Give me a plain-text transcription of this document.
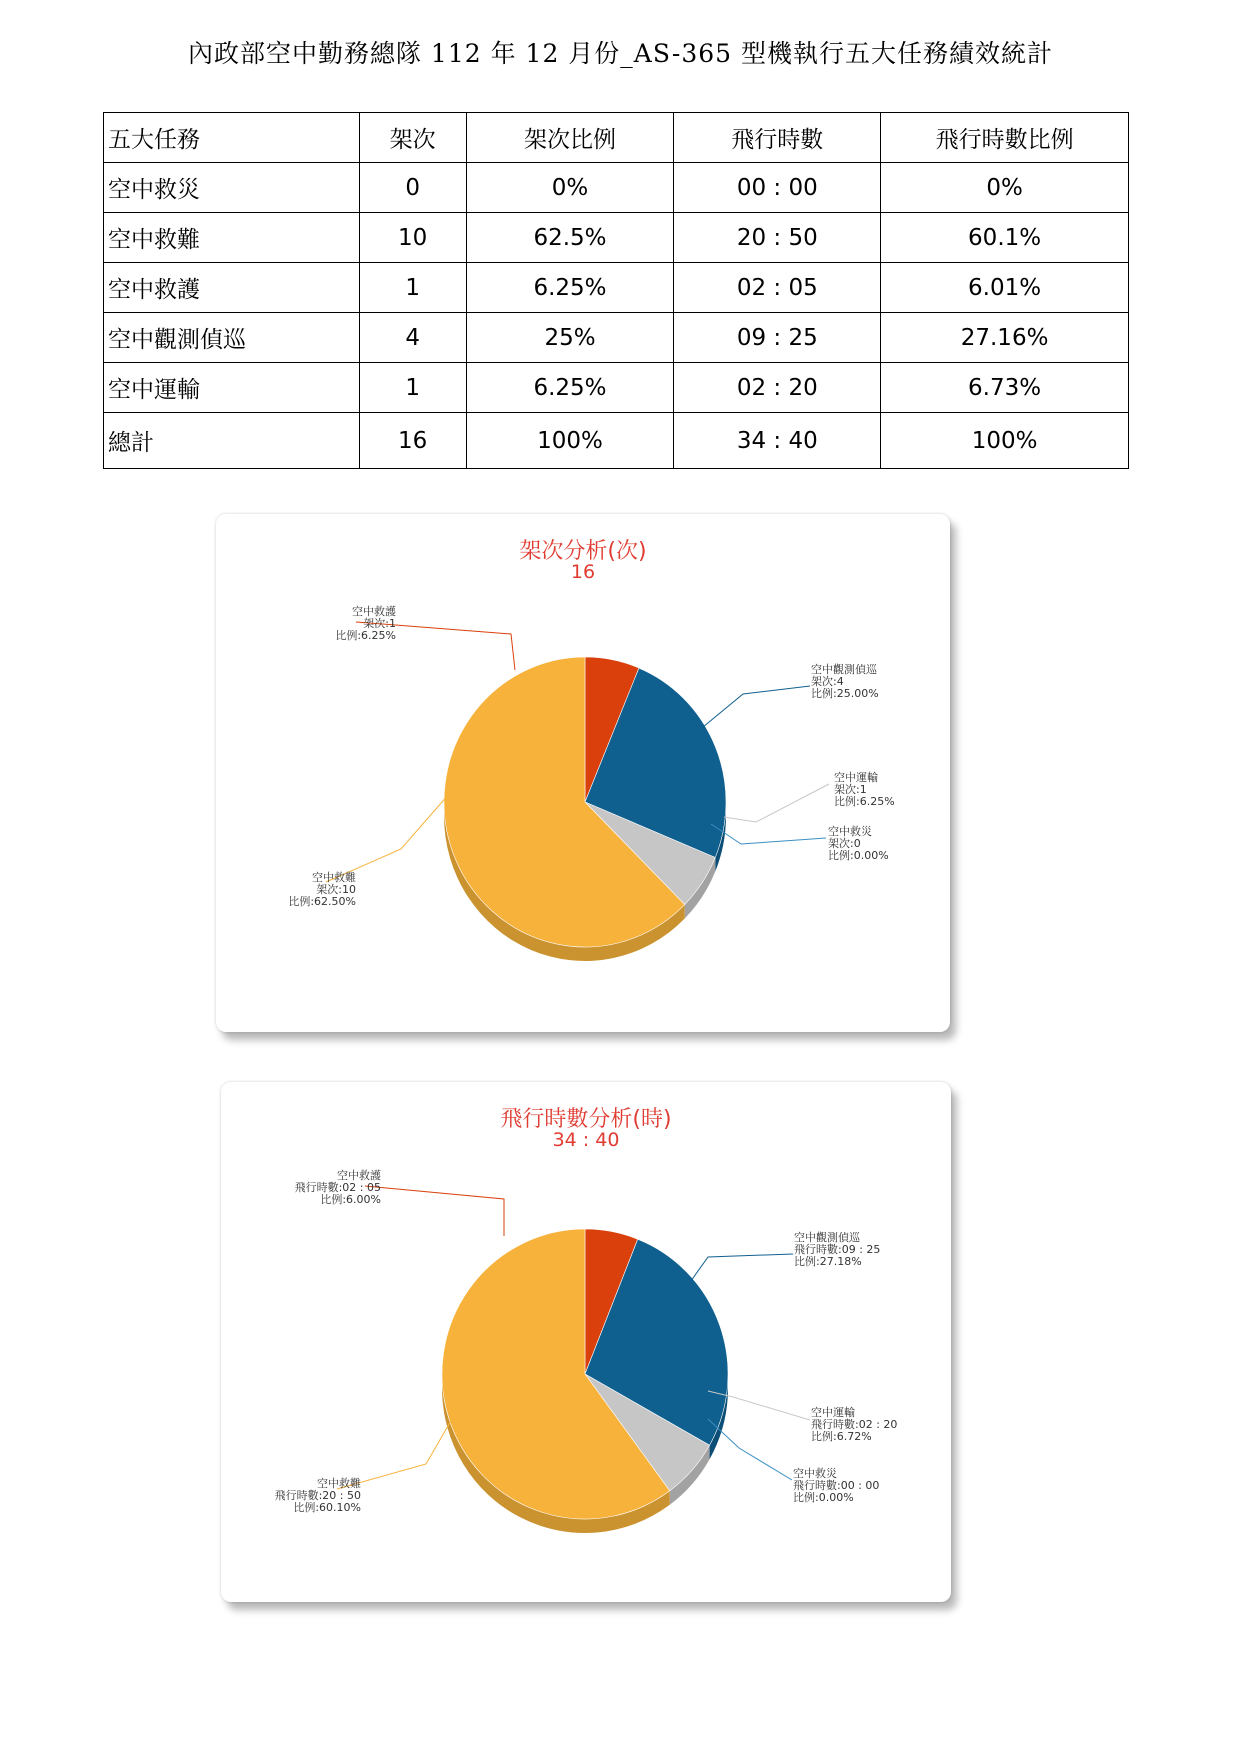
內政部空中勤務總隊 112 年 12 月份_AS-365 型機執行五大任務績效統計
五大任務	架次	架次比例	飛行時數	飛行時數比例
空中救災	0	0%	00 : 00	0%
空中救難	10	62.5%	20 : 50	60.1%
空中救護	1	6.25%	02 : 05	6.01%
空中觀測偵巡	4	25%	09 : 25	27.16%
空中運輸	1	6.25%	02 : 20	6.73%
總計	16	100%	34 : 40	100%
架次分析(次)
16
空中救護
架次:1
比例:6.25%
空中觀測偵巡
架次:4
比例:25.00%
空中運輸
架次:1
比例:6.25%
空中救災
架次:0
比例:0.00%
空中救難
架次:10
比例:62.50%
飛行時數分析(時)
34 : 40
空中救護
飛行時數:02 : 05
比例:6.00%
空中觀測偵巡
飛行時數:09 : 25
比例:27.18%
空中運輸
飛行時數:02 : 20
比例:6.72%
空中救災
飛行時數:00 : 00
比例:0.00%
空中救難
飛行時數:20 : 50
比例:60.10%
